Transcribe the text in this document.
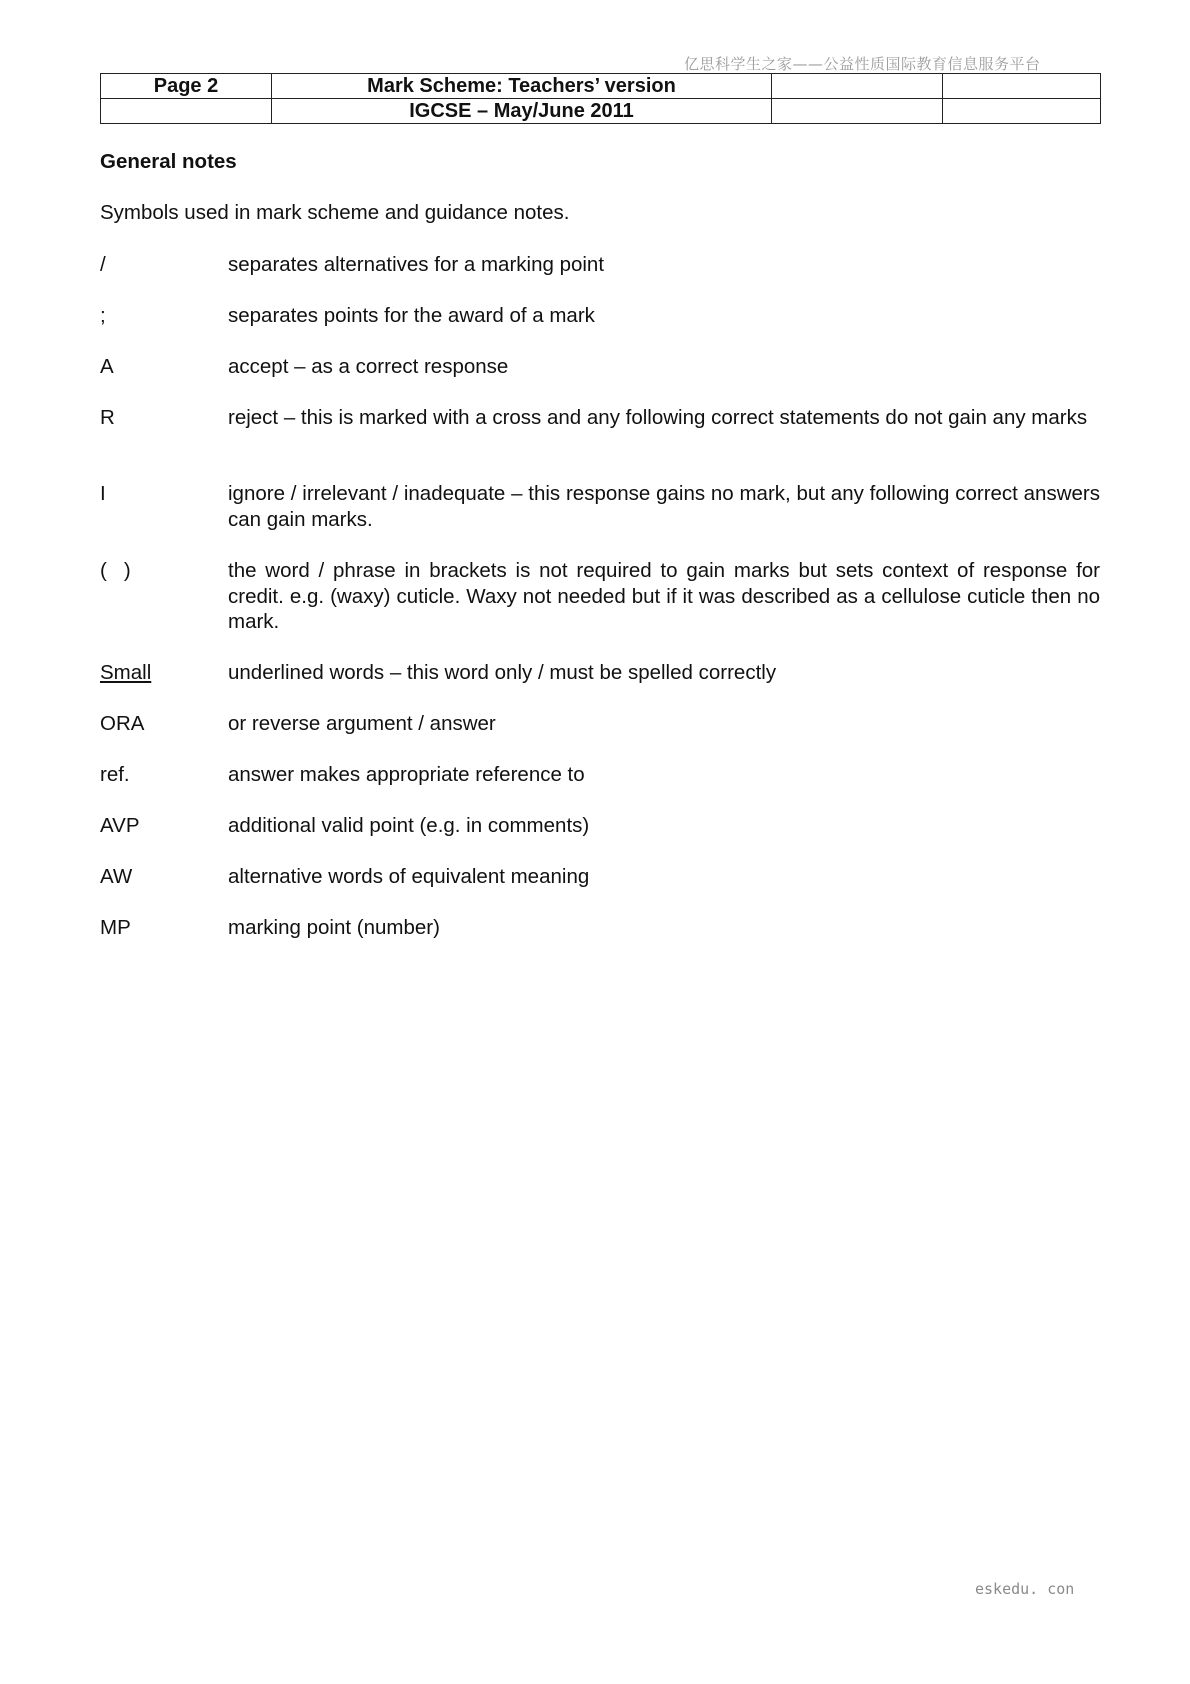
亿思科学生之家——公益性质国际教育信息服务平台
Page 2	Mark Scheme: Teachers’ version		
	IGCSE – May/June 2011		
General notes
Symbols used in mark scheme and guidance notes.
/	separates alternatives for a marking point
;	separates points for the award of a mark
A	accept – as a correct response
R	reject – this is marked with a cross and any following correct statements do not gain any marks
I	ignore / irrelevant / inadequate – this response gains no mark, but any following correct answers can gain marks.
(   )	the word / phrase in brackets is not required to gain marks but sets context of response for credit. e.g. (waxy) cuticle. Waxy not needed but if it was described as a cellulose cuticle then no mark.
Small	underlined words – this word only / must be spelled correctly
ORA	or reverse argument / answer
ref.	answer makes appropriate reference to
AVP	additional valid point (e.g. in comments)
AW	alternative words of equivalent meaning
MP	marking point (number)
eskedu. con
